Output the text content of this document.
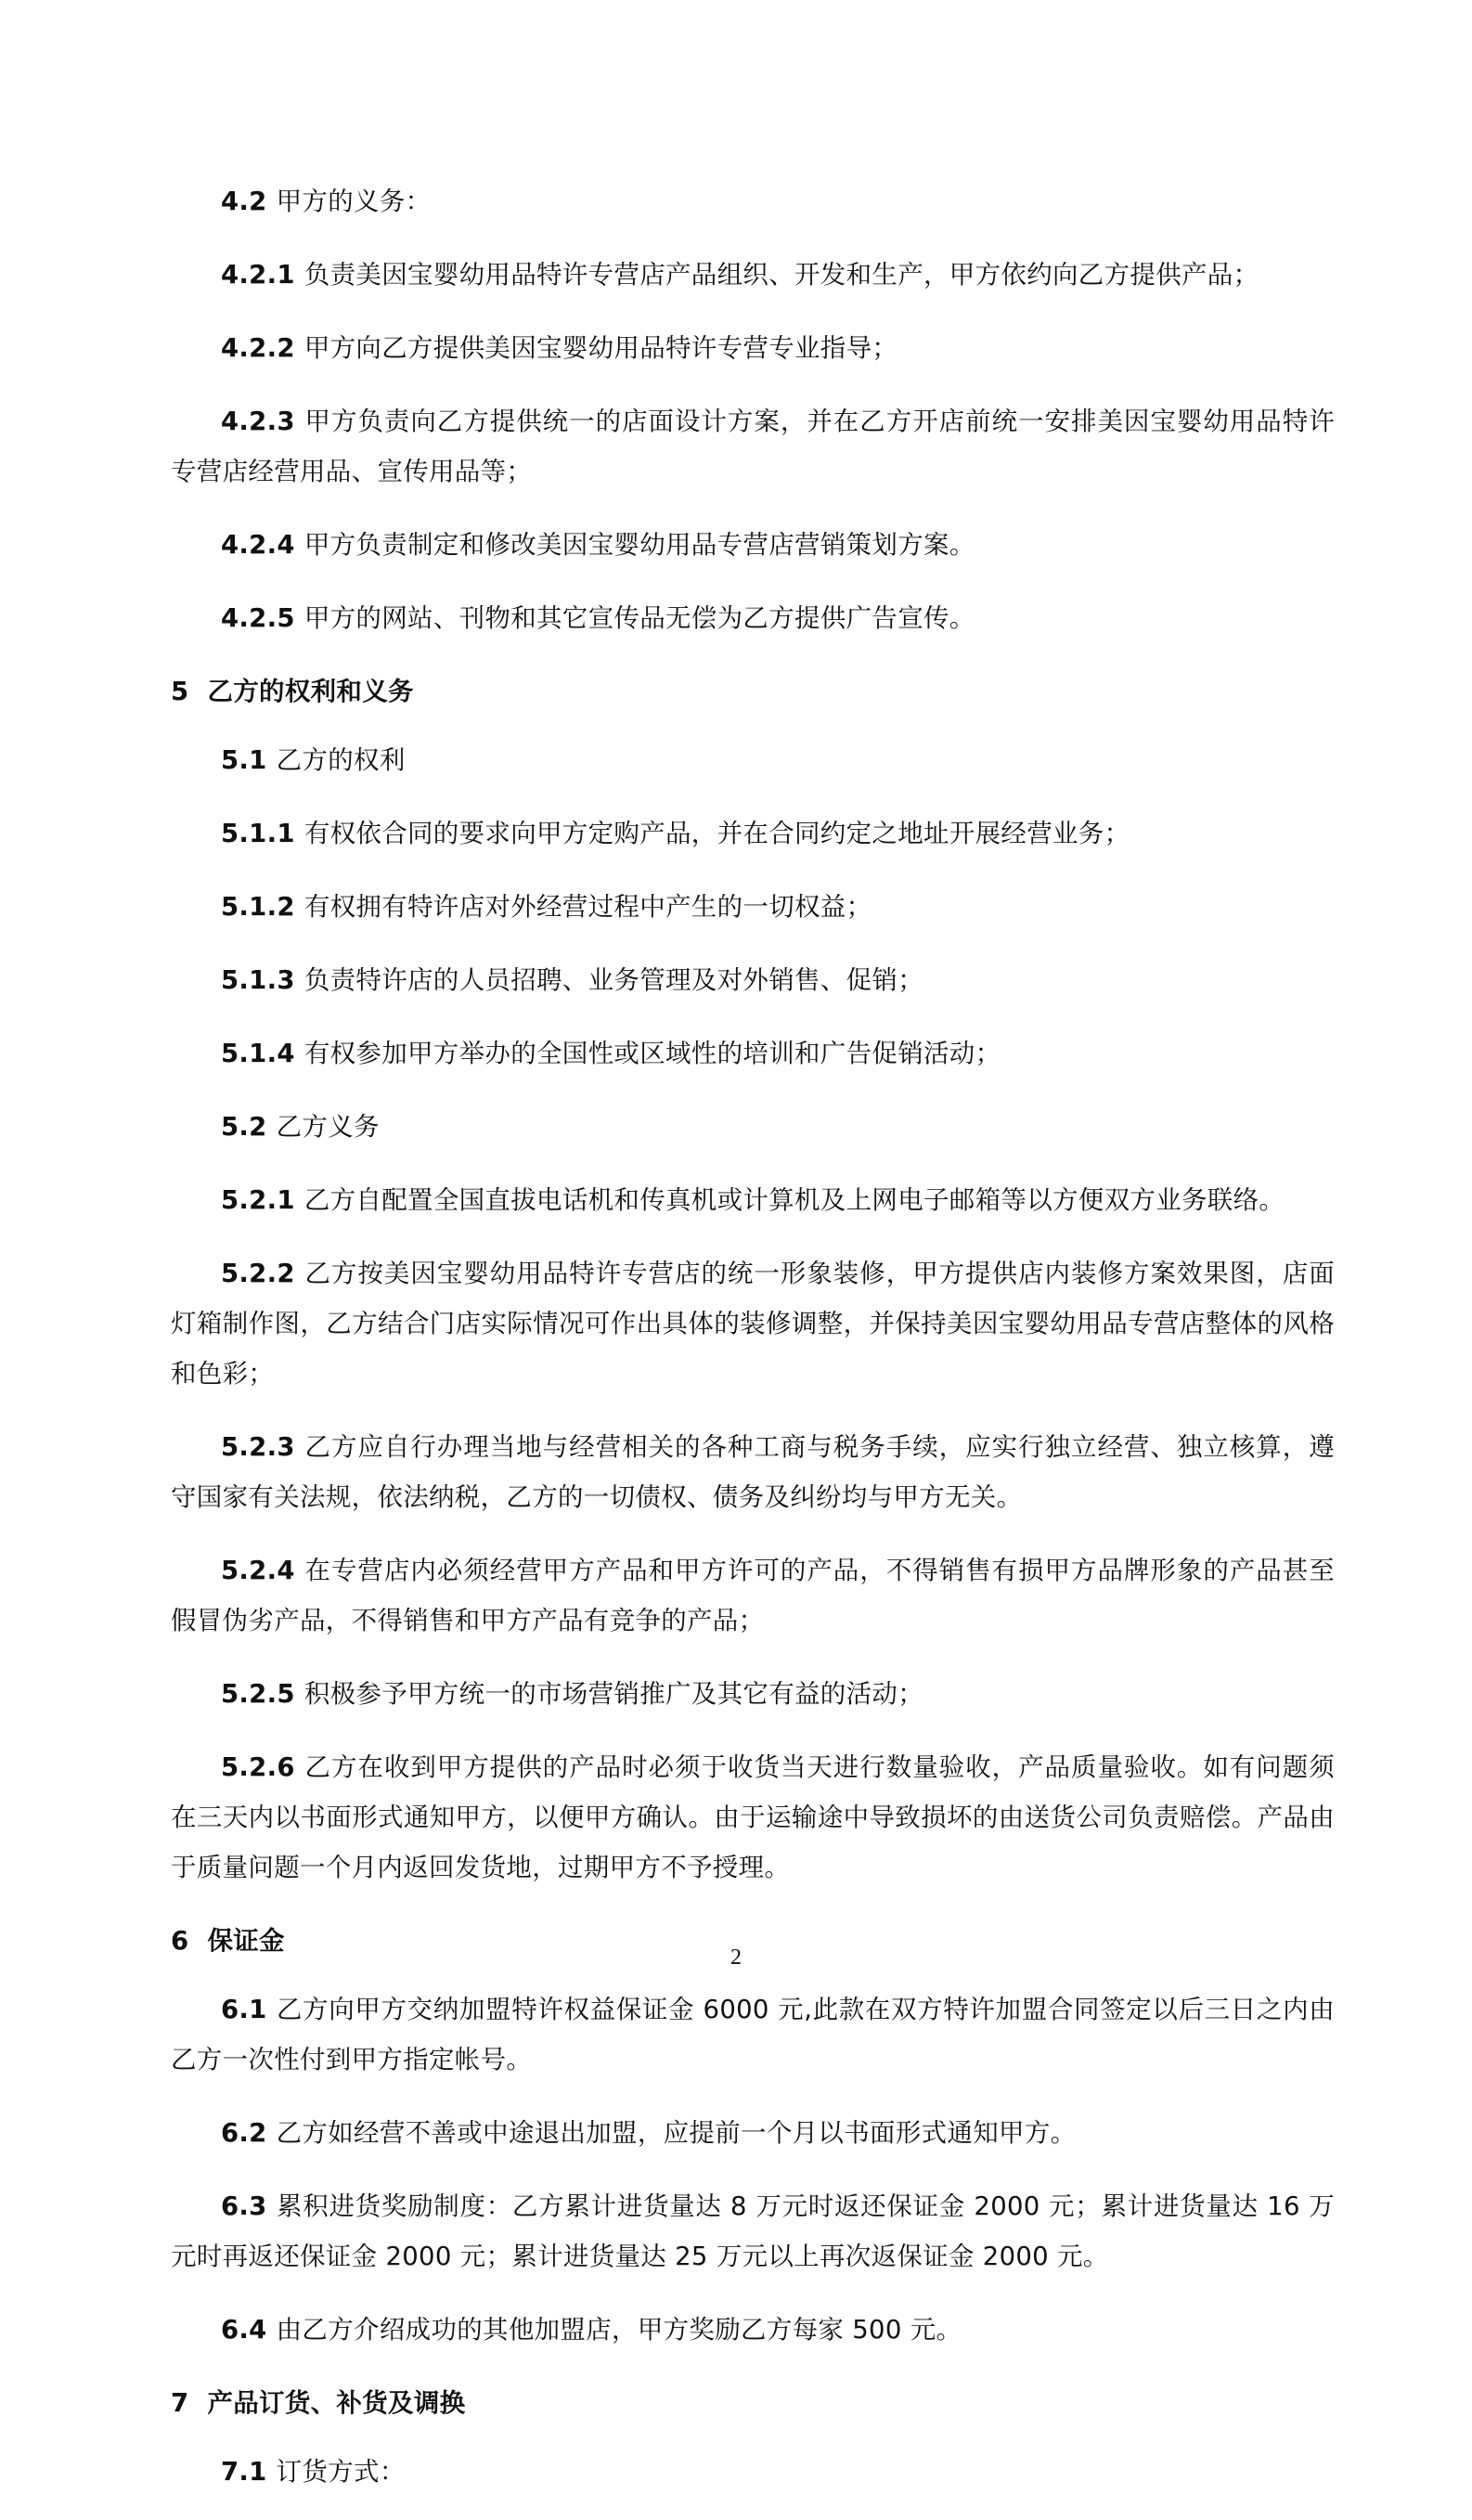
4.2 甲方的义务：

4.2.1 负责美因宝婴幼用品特许专营店产品组织、开发和生产，甲方依约向乙方提供产品；

4.2.2 甲方向乙方提供美因宝婴幼用品特许专营专业指导；

4.2.3 甲方负责向乙方提供统一的店面设计方案，并在乙方开店前统一安排美因宝婴幼用品特许专营店经营用品、宣传用品等；

4.2.4 甲方负责制定和修改美因宝婴幼用品专营店营销策划方案。

4.2.5 甲方的网站、刊物和其它宣传品无偿为乙方提供广告宣传。

5 乙方的权利和义务

5.1 乙方的权利

5.1.1 有权依合同的要求向甲方定购产品，并在合同约定之地址开展经营业务；

5.1.2 有权拥有特许店对外经营过程中产生的一切权益；

5.1.3 负责特许店的人员招聘、业务管理及对外销售、促销；

5.1.4 有权参加甲方举办的全国性或区域性的培训和广告促销活动；

5.2 乙方义务

5.2.1 乙方自配置全国直拔电话机和传真机或计算机及上网电子邮箱等以方便双方业务联络。

5.2.2 乙方按美因宝婴幼用品特许专营店的统一形象装修，甲方提供店内装修方案效果图，店面灯箱制作图，乙方结合门店实际情况可作出具体的装修调整，并保持美因宝婴幼用品专营店整体的风格和色彩；

5.2.3 乙方应自行办理当地与经营相关的各种工商与税务手续，应实行独立经营、独立核算，遵守国家有关法规，依法纳税，乙方的一切债权、债务及纠纷均与甲方无关。

5.2.4 在专营店内必须经营甲方产品和甲方许可的产品，不得销售有损甲方品牌形象的产品甚至假冒伪劣产品，不得销售和甲方产品有竞争的产品；

5.2.5 积极参予甲方统一的市场营销推广及其它有益的活动；

5.2.6 乙方在收到甲方提供的产品时必须于收货当天进行数量验收，产品质量验收。如有问题须在三天内以书面形式通知甲方，以便甲方确认。由于运输途中导致损坏的由送货公司负责赔偿。产品由于质量问题一个月内返回发货地，过期甲方不予授理。

6 保证金

6.1 乙方向甲方交纳加盟特许权益保证金 6000 元,此款在双方特许加盟合同签定以后三日之内由乙方一次性付到甲方指定帐号。

6.2 乙方如经营不善或中途退出加盟，应提前一个月以书面形式通知甲方。

6.3 累积进货奖励制度：乙方累计进货量达 8 万元时返还保证金 2000 元；累计进货量达 16 万元时再返还保证金 2000 元；累计进货量达 25 万元以上再次返保证金 2000 元。

6.4 由乙方介绍成功的其他加盟店，甲方奖励乙方每家 500 元。

7 产品订货、补货及调换

7.1 订货方式：

2
